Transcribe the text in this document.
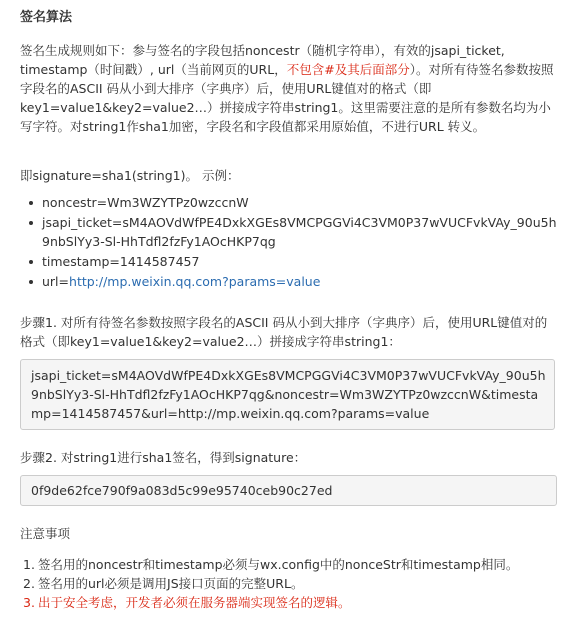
签名算法
签名生成规则如下：参与签名的字段包括noncestr（随机字符串），有效的jsapi_ticket, timestamp（时间戳）, url（当前网页的URL，不包含#及其后面部分）。对所有待签名参数按照字段名的ASCII 码从小到大排序（字典序）后，使用URL键值对的格式（即key1=value1&key2=value2…）拼接成字符串string1。这里需要注意的是所有参数名均为小写字符。对string1作sha1加密，字段名和字段值都采用原始值，不进行URL 转义。
即signature=sha1(string1)。 示例：
noncestr=Wm3WZYTPz0wzccnW
jsapi_ticket=sM4AOVdWfPE4DxkXGEs8VMCPGGVi4C3VM0P37wVUCFvkVAy_90u5h9nbSlYy3-Sl-HhTdfl2fzFy1AOcHKP7qg
timestamp=1414587457
url=http://mp.weixin.qq.com?params=value
步骤1. 对所有待签名参数按照字段名的ASCII 码从小到大排序（字典序）后，使用URL键值对的格式（即key1=value1&key2=value2…）拼接成字符串string1：
jsapi_ticket=sM4AOVdWfPE4DxkXGEs8VMCPGGVi4C3VM0P37wVUCFvkVAy_90u5h9nbSlYy3-Sl-HhTdfl2fzFy1AOcHKP7qg&noncestr=Wm3WZYTPz0wzccnW&timestamp=1414587457&url=http://mp.weixin.qq.com?params=value
步骤2. 对string1进行sha1签名，得到signature：
0f9de62fce790f9a083d5c99e95740ceb90c27ed
注意事项
1. 签名用的noncestr和timestamp必须与wx.config中的nonceStr和timestamp相同。
2. 签名用的url必须是调用JS接口页面的完整URL。
3. 出于安全考虑，开发者必须在服务器端实现签名的逻辑。
